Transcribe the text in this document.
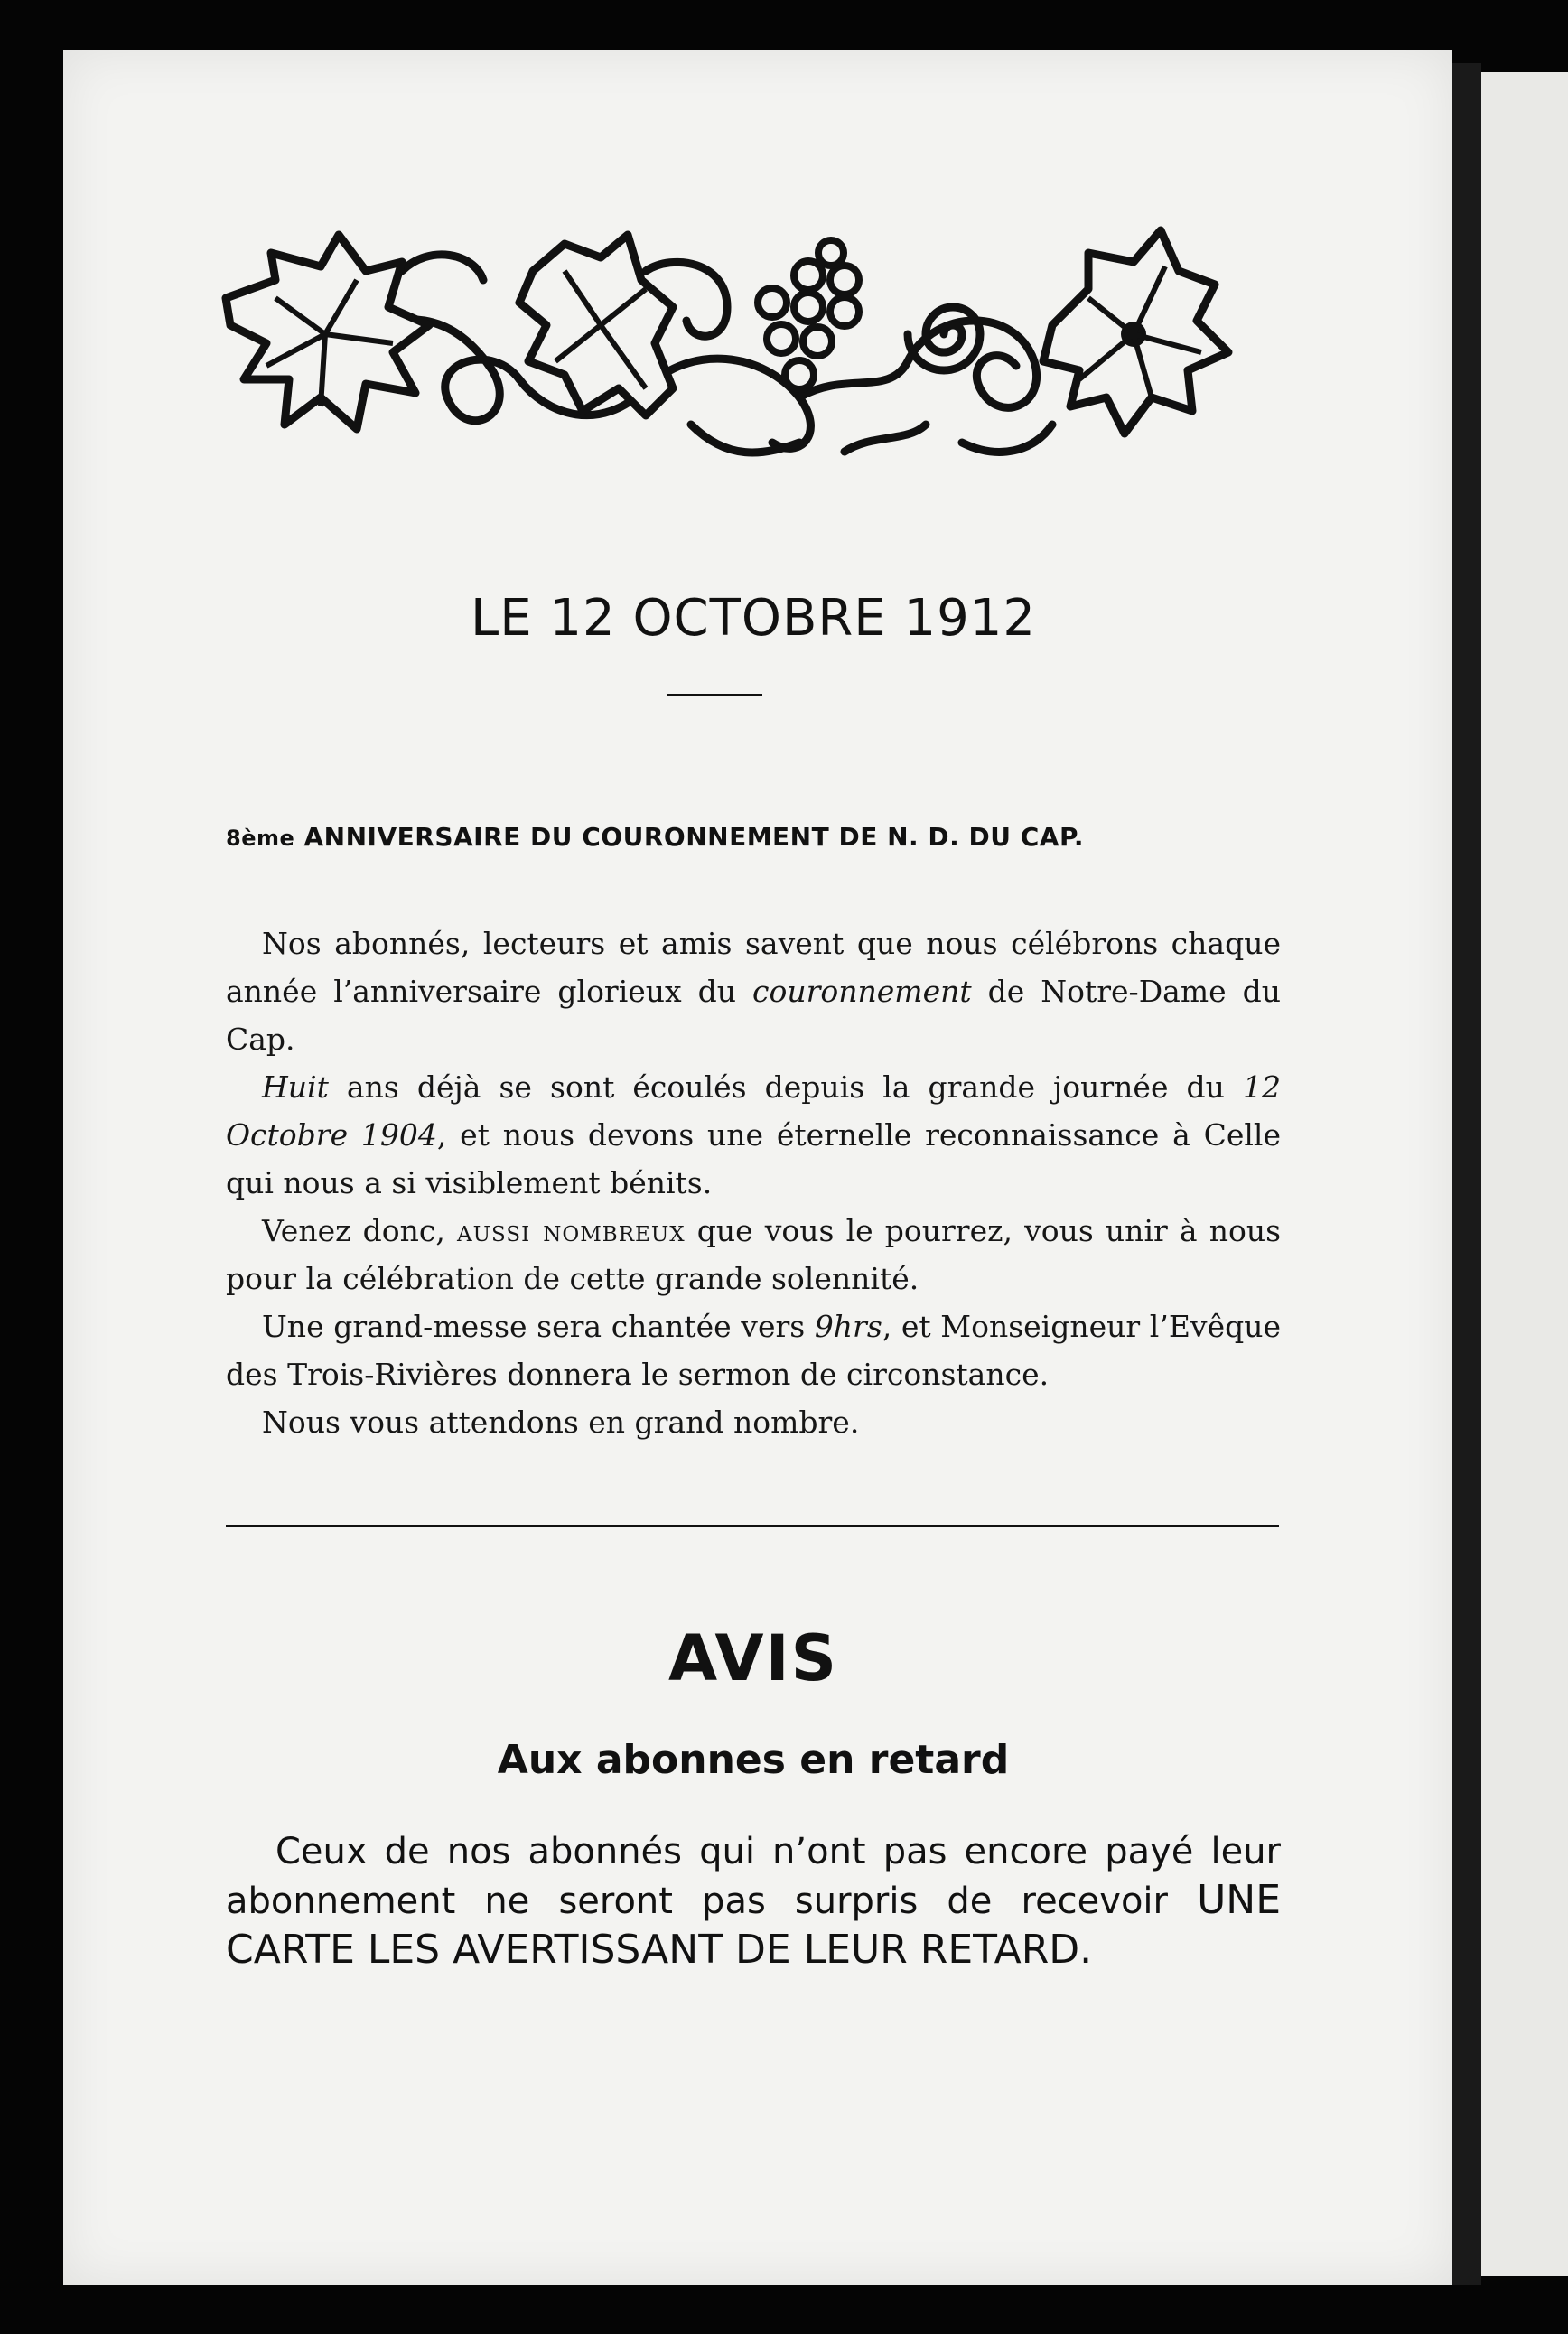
LE 12 OCTOBRE 1912
8ème ANNIVERSAIRE DU COURONNEMENT DE N. D. DU CAP.

Nos abonnés, lecteurs et amis savent que nous célébrons chaque année l’anniversaire glorieux du couronnement de Notre-Dame du Cap.

Huit ans déjà se sont écoulés depuis la grande journée du 12 Octobre 1904, et nous devons une éternelle reconnaissance à Celle qui nous a si visiblement bénits.

Venez donc, aussi nombreux que vous le pourrez, vous unir à nous pour la célébration de cette grande solennité.

Une grand-messe sera chantée vers 9hrs, et Monseigneur l’Evêque des Trois-Rivières donnera le sermon de circonstance.

Nous vous attendons en grand nombre.

AVIS
Aux abonnes en retard

Ceux de nos abonnés qui n’ont pas encore payé leur abonnement ne seront pas surpris de recevoir UNE CARTE LES AVERTISSANT DE LEUR RETARD.
